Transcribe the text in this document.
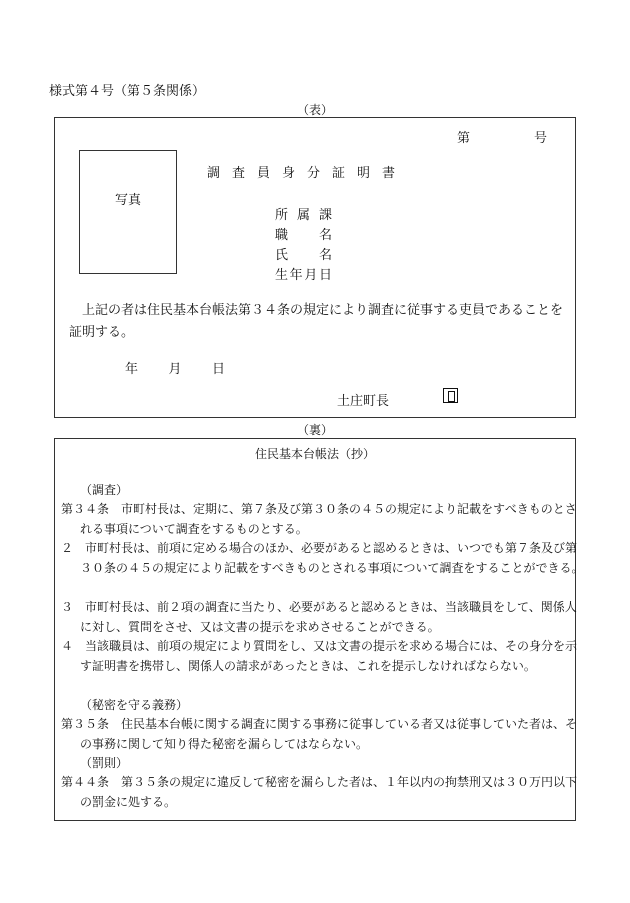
様式第４号（第５条関係）
（表）
第	号
写真
調査員身分証明書
所 属 課
職 名
氏 名
生 年 月 日
上記の者は住民基本台帳法第３４条の規定により調査に従事する吏員であることを証明する。
年 月 日
土庄町長
（裏）
住民基本台帳法（抄）
（調査）
第３４条　市町村長は、定期に、第７条及び第３０条の４５の規定により記載をすべきものとされる事項について調査をするものとする。
２　市町村長は、前項に定める場合のほか、必要があると認めるときは、いつでも第７条及び第３０条の４５の規定により記載をすべきものとされる事項について調査をすることができる。
３　市町村長は、前２項の調査に当たり、必要があると認めるときは、当該職員をして、関係人に対し、質問をさせ、又は文書の提示を求めさせることができる。
４　当該職員は、前項の規定により質問をし、又は文書の提示を求める場合には、その身分を示す証明書を携帯し、関係人の請求があったときは、これを提示しなければならない。
（秘密を守る義務）
第３５条　住民基本台帳に関する調査に関する事務に従事している者又は従事していた者は、その事務に関して知り得た秘密を漏らしてはならない。
（罰則）
第４４条　第３５条の規定に違反して秘密を漏らした者は、１年以内の拘禁刑又は３０万円以下の罰金に処する。
